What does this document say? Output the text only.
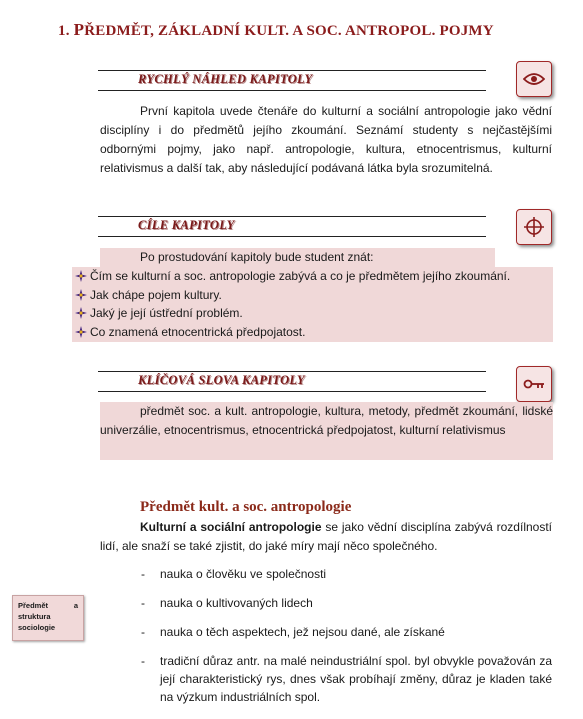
1. PŘEDMĚT, ZÁKLADNÍ KULT. A SOC. ANTROPOL. POJMY
RYCHLÝ NÁHLED KAPITOLY

První kapitola uvede čtenáře do kulturní a sociální antropologie jako vědní disciplíny i do předmětů jejího zkoumání. Seznámí studenty s nejčastějšími odbornými pojmy, jako např. antropologie, kultura, etnocentrismus, kulturní relativismus a další tak, aby následující podávaná látka byla srozumitelná.

CÍLE KAPITOLY

Po prostudování kapitoly bude student znát:

Čím se kulturní a soc. antropologie zabývá a co je předmětem jejího zkoumání.
Jak chápe pojem kultury.
Jaký je její ústřední problém.
Co znamená etnocentrická předpojatost.
KLÍČOVÁ SLOVA KAPITOLY

předmět soc. a kult. antropologie, kultura, metody, předmět zkoumání, lidské univerzálie, etnocentrismus, etnocentrická předpojatost, kulturní relativismus

Předmět kult. a soc. antropologie

Kulturní a sociální antropologie se jako vědní disciplína zabývá rozdílností lidí, ale snaží se také zjistit, do jaké míry mají něco společného.

-	nauka o člověku ve společnosti
-	nauka o kultivovaných lidech
-	nauka o těch aspektech, jež nejsou dané, ale získané
-	tradiční důraz antr. na malé neindustriální spol. byl obvykle považován za její charakteristický rys, dnes však probíhají změny, důraz je kladen také na výzkum industriálních spol.
Předmět	a
struktura
sociologie
